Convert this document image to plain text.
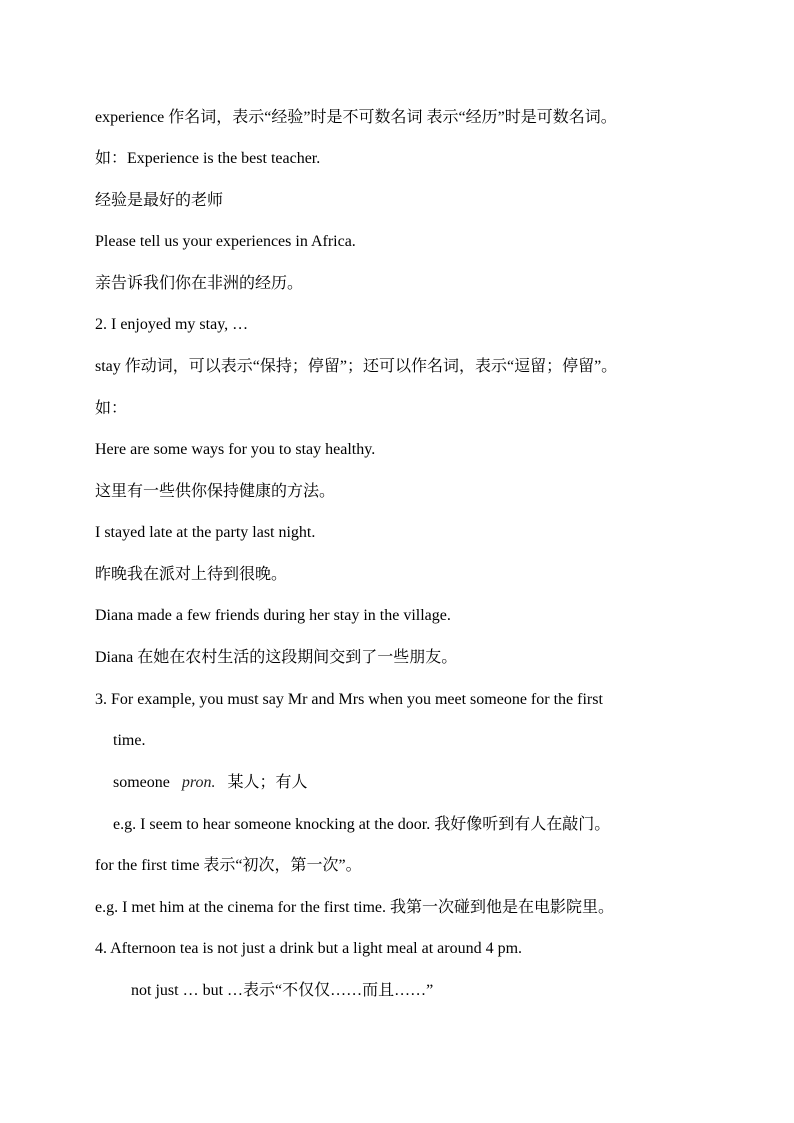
experience 作名词，表示“经验”时是不可数名词 表示“经历”时是可数名词。
如：Experience is the best teacher.
经验是最好的老师
Please tell us your experiences in Africa.
亲告诉我们你在非洲的经历。
2. I enjoyed my stay, …
stay 作动词，可以表示“保持；停留”；还可以作名词，表示“逗留；停留”。
如：
Here are some ways for you to stay healthy.
这里有一些供你保持健康的方法。
I stayed late at the party last night.
昨晚我在派对上待到很晚。
Diana made a few friends during her stay in the village.
Diana 在她在农村生活的这段期间交到了一些朋友。
3. For example, you must say Mr and Mrs when you meet someone for the first
time.
someone pron. 某人；有人
e.g. I seem to hear someone knocking at the door. 我好像听到有人在敲门。
for the first time 表示“初次，第一次”。
e.g. I met him at the cinema for the first time. 我第一次碰到他是在电影院里。
4. Afternoon tea is not just a drink but a light meal at around 4 pm.
not just … but …表示“不仅仅……而且……”
